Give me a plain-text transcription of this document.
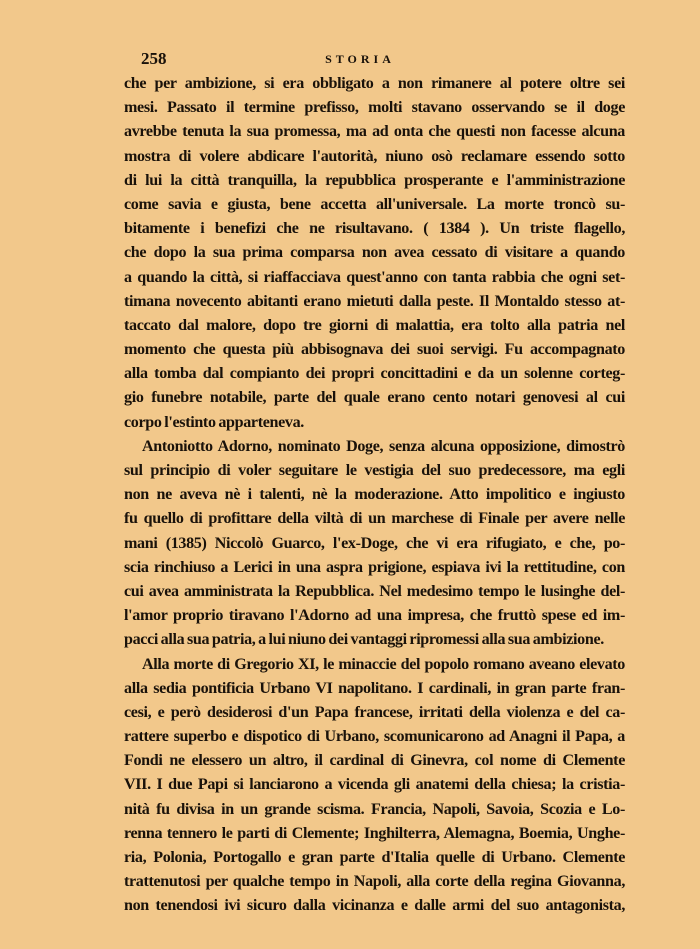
258	STORIA
che per ambizione, si era obbligato a non rimanere al potere oltre sei
mesi. Passato il termine prefisso, molti stavano osservando se il doge
avrebbe tenuta la sua promessa, ma ad onta che questi non facesse alcuna
mostra di volere abdicare l'autorità, niuno osò reclamare essendo sotto
di lui la città tranquilla, la repubblica prosperante e l'amministrazione
come savia e giusta, bene accetta all'universale. La morte troncò su-
bitamente i benefizi che ne risultavano. ( 1384 ). Un triste flagello,
che dopo la sua prima comparsa non avea cessato di visitare a quando
a quando la città, si riaffacciava quest'anno con tanta rabbia che ogni set-
timana novecento abitanti erano mietuti dalla peste. Il Montaldo stesso at-
taccato dal malore, dopo tre giorni di malattia, era tolto alla patria nel
momento che questa più abbisognava dei suoi servigi. Fu accompagnato
alla tomba dal compianto dei propri concittadini e da un solenne corteg-
gio funebre notabile, parte del quale erano cento notari genovesi al cui
corpo l'estinto apparteneva.
Antoniotto Adorno, nominato Doge, senza alcuna opposizione, dimostrò
sul principio di voler seguitare le vestigia del suo predecessore, ma egli
non ne aveva nè i talenti, nè la moderazione. Atto impolitico e ingiusto
fu quello di profittare della viltà di un marchese di Finale per avere nelle
mani (1385) Niccolò Guarco, l'ex-Doge, che vi era rifugiato, e che, po-
scia rinchiuso a Lerici in una aspra prigione, espiava ivi la rettitudine, con
cui avea amministrata la Repubblica. Nel medesimo tempo le lusinghe del-
l'amor proprio tiravano l'Adorno ad una impresa, che fruttò spese ed im-
pacci alla sua patria, a lui niuno dei vantaggi ripromessi alla sua ambizione.
Alla morte di Gregorio XI, le minaccie del popolo romano aveano elevato
alla sedia pontificia Urbano VI napolitano. I cardinali, in gran parte fran-
cesi, e però desiderosi d'un Papa francese, irritati della violenza e del ca-
rattere superbo e dispotico di Urbano, scomunicarono ad Anagni il Papa, a
Fondi ne elessero un altro, il cardinal di Ginevra, col nome di Clemente
VII. I due Papi si lanciarono a vicenda gli anatemi della chiesa; la cristia-
nità fu divisa in un grande scisma. Francia, Napoli, Savoia, Scozia e Lo-
renna tennero le parti di Clemente; Inghilterra, Alemagna, Boemia, Unghe-
ria, Polonia, Portogallo e gran parte d'Italia quelle di Urbano. Clemente
trattenutosi per qualche tempo in Napoli, alla corte della regina Giovanna,
non tenendosi ivi sicuro dalla vicinanza e dalle armi del suo antagonista,
